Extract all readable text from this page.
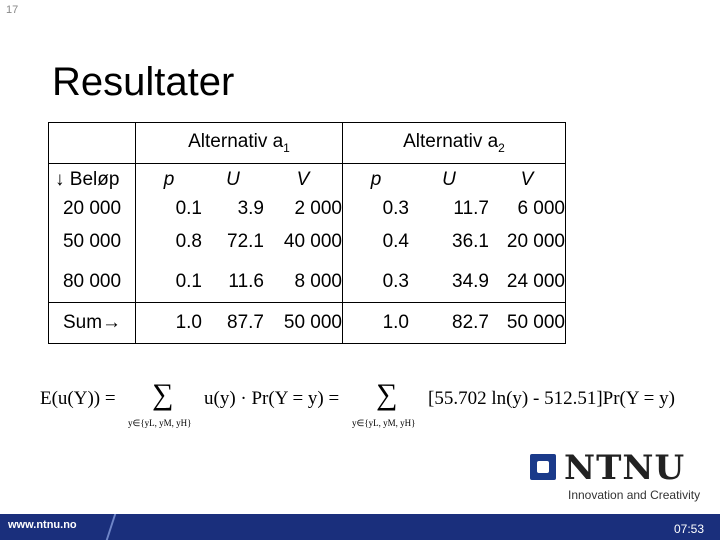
17
Resultater
	Alternativ $a_1$			Alternativ $a_2$
↓ Beløp	p	U	V	p	U	V
20 000	0.1	3.9	2 000	0.3	11.7	6 000
50 000	0.8	72.1	40 000	0.4	36.1	20 000
80 000	0.1	11.6	8 000	0.3	34.9	24 000
Sum→	1.0	87.7	50 000	1.0	82.7	50 000
E(u(Y)) = ∑
y∈{yL, yM, yH}
u(y) · Pr(Y = y) = ∑
y∈{yL, yM, yH}
[55.702 ln(y) - 512.51]Pr(Y = y)
NTNU
Innovation and Creativity
www.ntnu.no	07:53
